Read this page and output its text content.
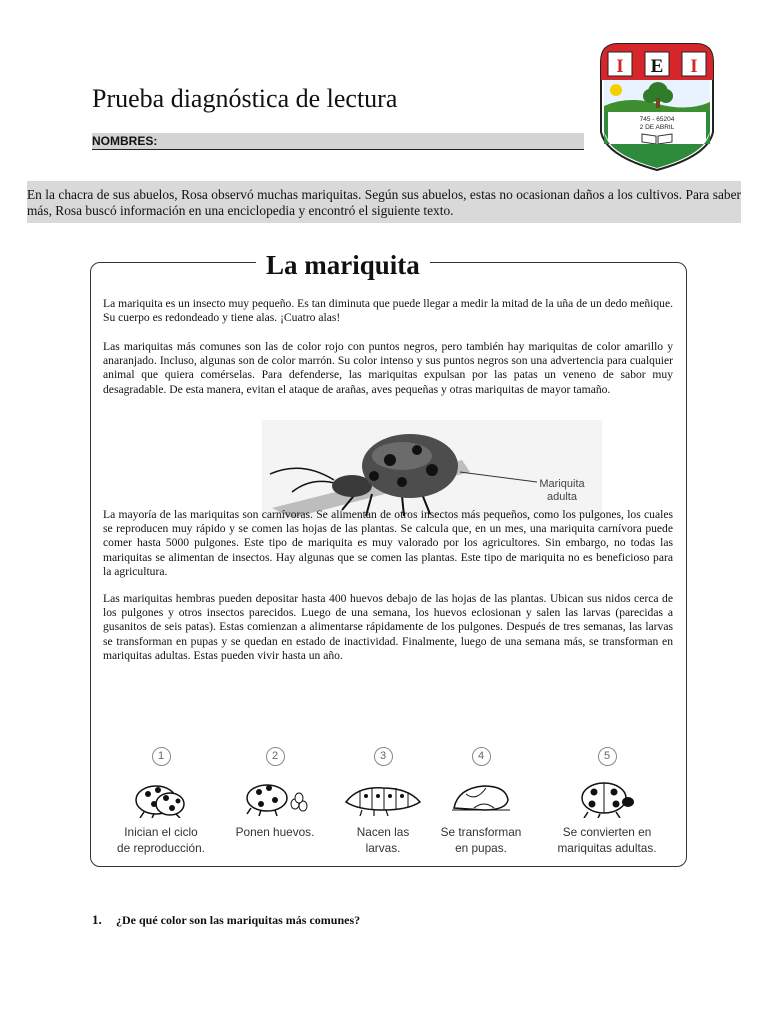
Prueba diagnóstica de lectura
NOMBRES:
I E I
745 - 65204
2 DE ABRIL
En la chacra de sus abuelos, Rosa observó muchas mariquitas. Según sus abuelos, estas no ocasionan daños a los cultivos. Para saber más, Rosa buscó información en una enciclopedia y encontró el siguiente texto.
La mariquita
La mariquita es un insecto muy pequeño. Es tan diminuta que puede llegar a medir la mitad de la uña de un dedo meñique. Su cuerpo es redondeado y tiene alas. ¡Cuatro alas!
Las mariquitas más comunes son las de color rojo con puntos negros, pero también hay mariquitas de color amarillo y anaranjado. Incluso, algunas son de color marrón. Su color intenso y sus puntos negros son una advertencia para cualquier animal que quiera comérselas. Para defenderse, las mariquitas expulsan por las patas un veneno de sabor muy desagradable. De esta manera, evitan el ataque de arañas, aves pequeñas y otras mariquitas de mayor tamaño.
Mariquita
adulta
La mayoría de las mariquitas son carnívoras. Se alimentan de otros insectos más pequeños, como los pulgones, los cuales se reproducen muy rápido y se comen las hojas de las plantas. Se calcula que, en un mes, una mariquita carnívora puede comer hasta 5000 pulgones. Este tipo de mariquita es muy valorado por los agricultores. Sin embargo, no todas las mariquitas se alimentan de insectos. Hay algunas que se comen las plantas. Este tipo de mariquita no es beneficioso para la agricultura.
Las mariquitas hembras pueden depositar hasta 400 huevos debajo de las hojas de las plantas. Ubican sus nidos cerca de los pulgones y otros insectos parecidos. Luego de una semana, los huevos eclosionan y salen las larvas (parecidas a gusanitos de seis patas). Estas comienzan a alimentarse rápidamente de los pulgones. Después de tres semanas, las larvas se transforman en pupas y se quedan en estado de inactividad. Finalmente, luego de una semana más, se transforman en mariquitas adultas. Estas pueden vivir hasta un año.
1
Inician el ciclo
de reproducción.
2
Ponen huevos.
3
Nacen las
larvas.
4
Se transforman
en pupas.
5
Se convierten en
mariquitas adultas.
1. ¿De qué color son las mariquitas más comunes?
